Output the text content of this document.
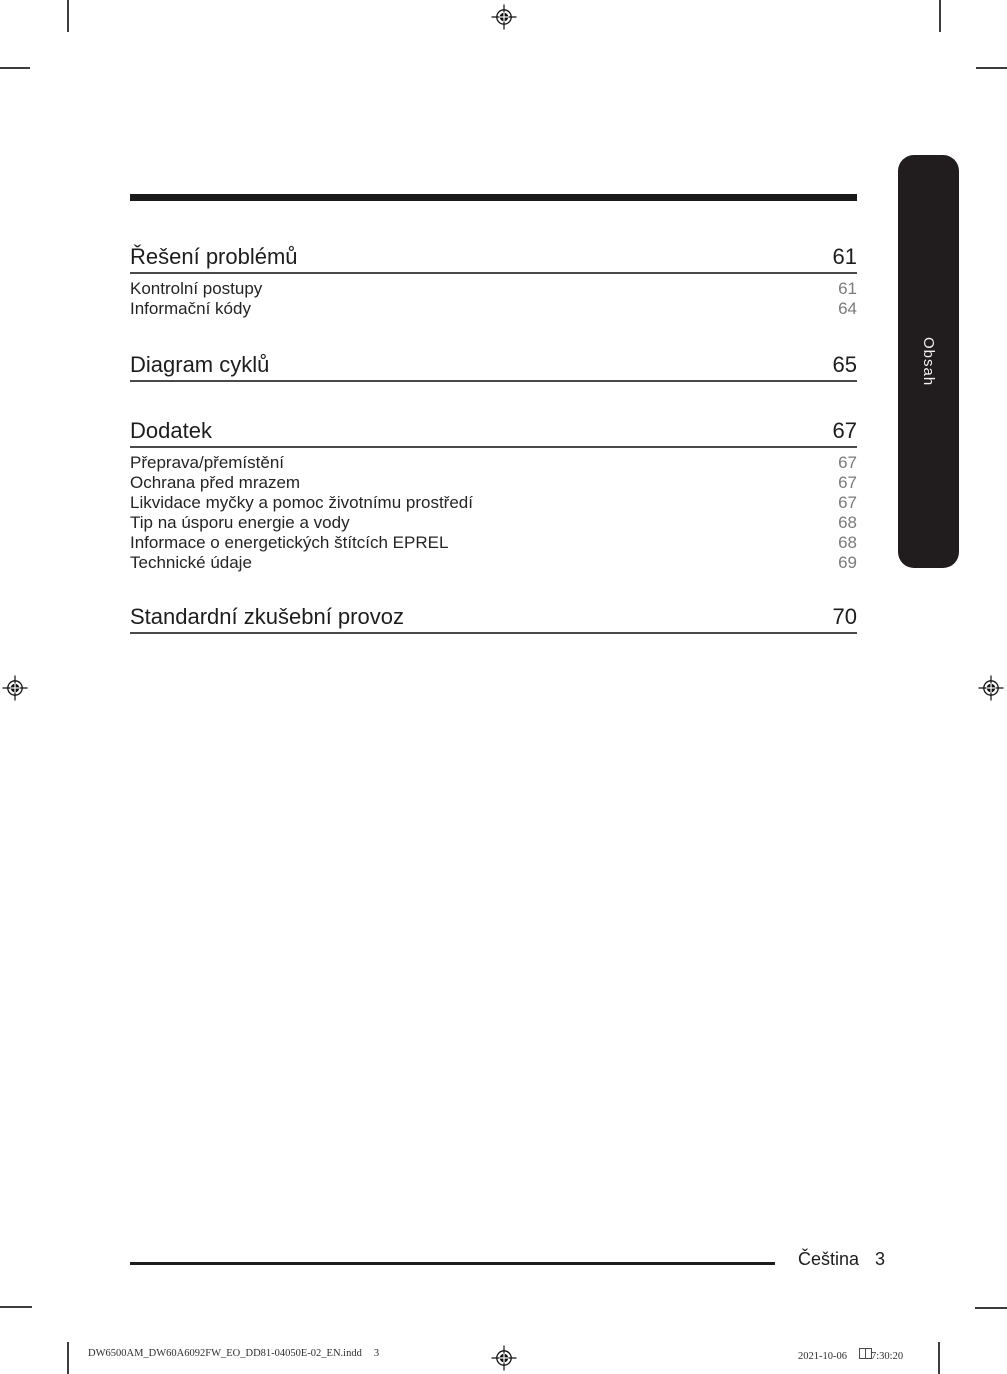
Obsah
Řešení problémů	61
Kontrolní postupy	61
Informační kódy	64
Diagram cyklů	65
Dodatek	67
Přeprava/přemístění	67
Ochrana před mrazem	67
Likvidace myčky a pomoc životnímu prostředí	67
Tip na úsporu energie a vody	68
Informace o energetických štítcích EPREL	68
Technické údaje	69
Standardní zkušební provoz	70
Čeština 3
DW6500AM_DW60A6092FW_EO_DD81-04050E-02_EN.indd 3	2021-10-06 7:30:20
